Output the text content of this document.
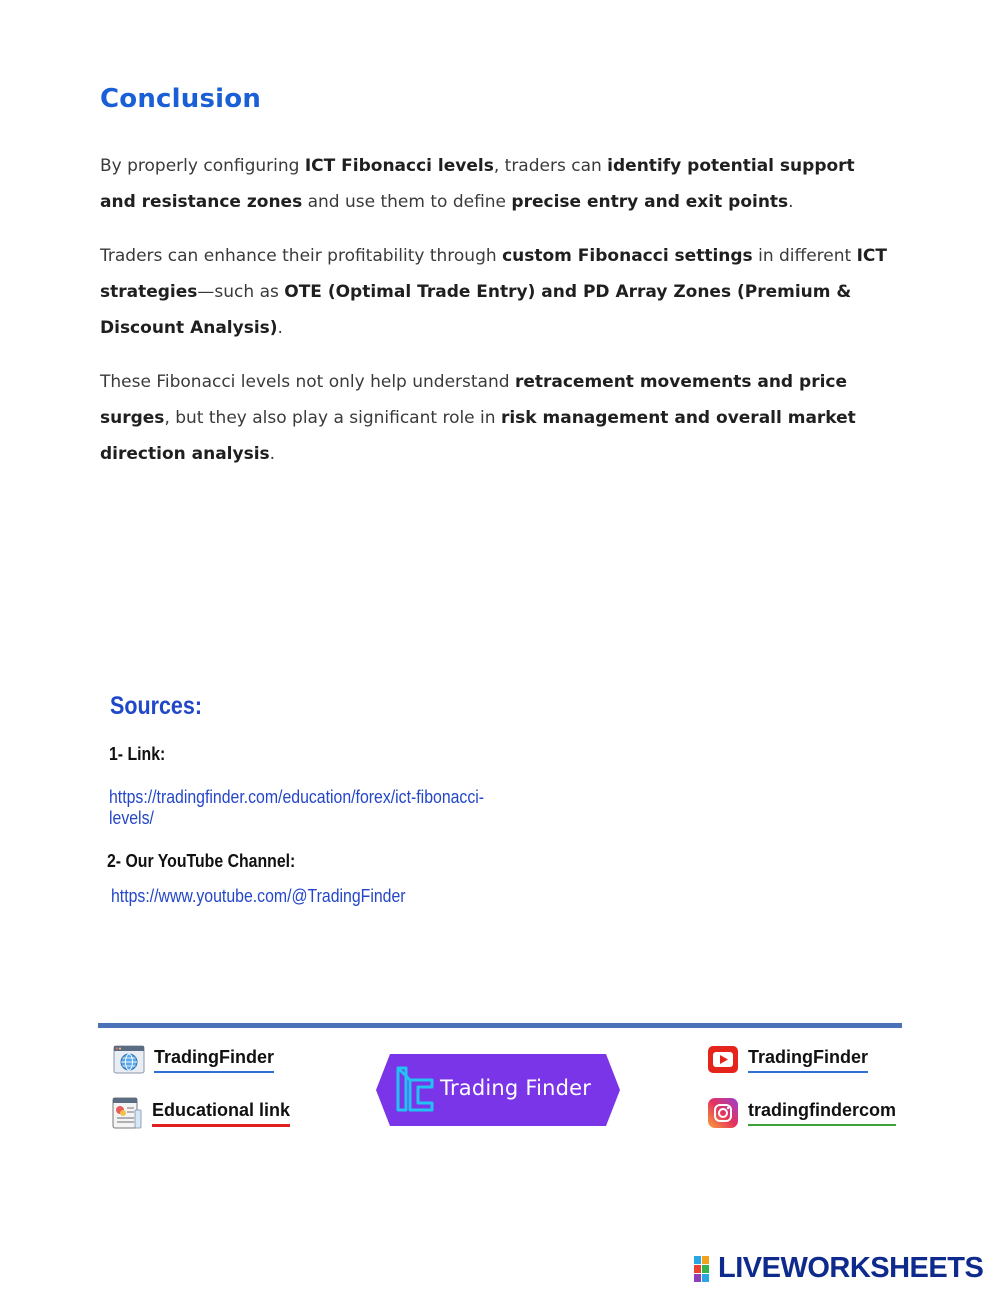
Conclusion

By properly configuring ICT Fibonacci levels, traders can identify potential support and resistance zones and use them to define precise entry and exit points.

Traders can enhance their profitability through custom Fibonacci settings in different ICT strategies—such as OTE (Optimal Trade Entry) and PD Array Zones (Premium & Discount Analysis).

These Fibonacci levels not only help understand retracement movements and price surges, but they also play a significant role in risk management and overall market direction analysis.

Sources:
1- Link:
https://tradingfinder.com/education/forex/ict-fibonacci-levels/
2- Our YouTube Channel:
https://www.youtube.com/@TradingFinder
TradingFinder
Educational link
Trading Finder
TradingFinder
tradingfindercom
LIVEWORKSHEETS
